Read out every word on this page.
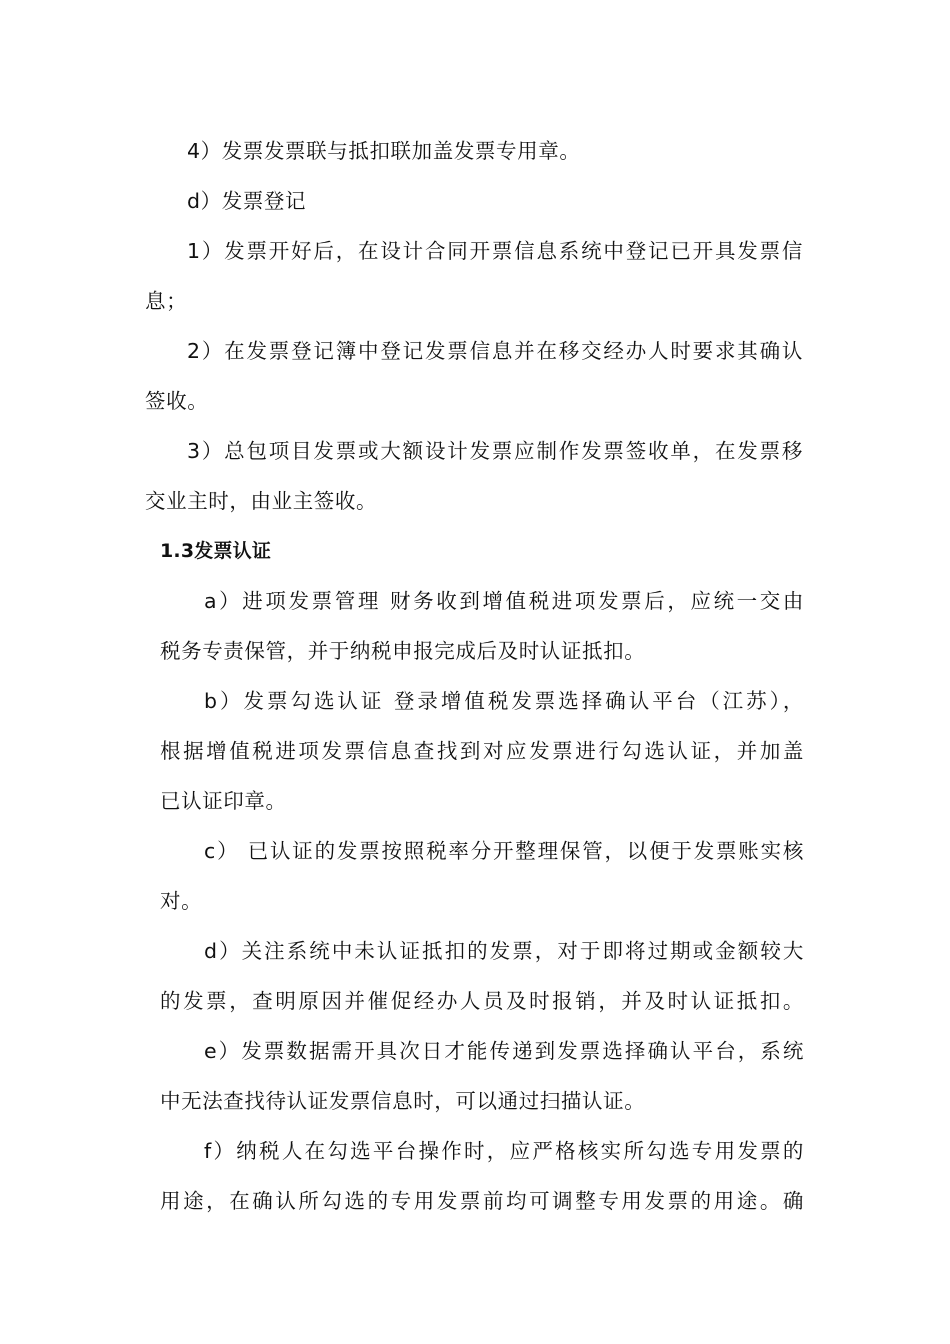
4）发票发票联与抵扣联加盖发票专用章。
d）发票登记
1）发票开好后，在设计合同开票信息系统中登记已开具发票信
息；
2）在发票登记簿中登记发票信息并在移交经办人时要求其确认
签收。
3）总包项目发票或大额设计发票应制作发票签收单，在发票移
交业主时，由业主签收。
1.3发票认证
a）进项发票管理 财务收到增值税进项发票后，应统一交由
税务专责保管，并于纳税申报完成后及时认证抵扣。
b）发票勾选认证 登录增值税发票选择确认平台（江苏），
根据增值税进项发票信息查找到对应发票进行勾选认证，并加盖
已认证印章。
c） 已认证的发票按照税率分开整理保管，以便于发票账实核
对。
d）关注系统中未认证抵扣的发票，对于即将过期或金额较大
的发票，查明原因并催促经办人员及时报销，并及时认证抵扣。
e）发票数据需开具次日才能传递到发票选择确认平台，系统
中无法查找待认证发票信息时，可以通过扫描认证。
f）纳税人在勾选平台操作时，应严格核实所勾选专用发票的
用途，在确认所勾选的专用发票前均可调整专用发票的用途。确
